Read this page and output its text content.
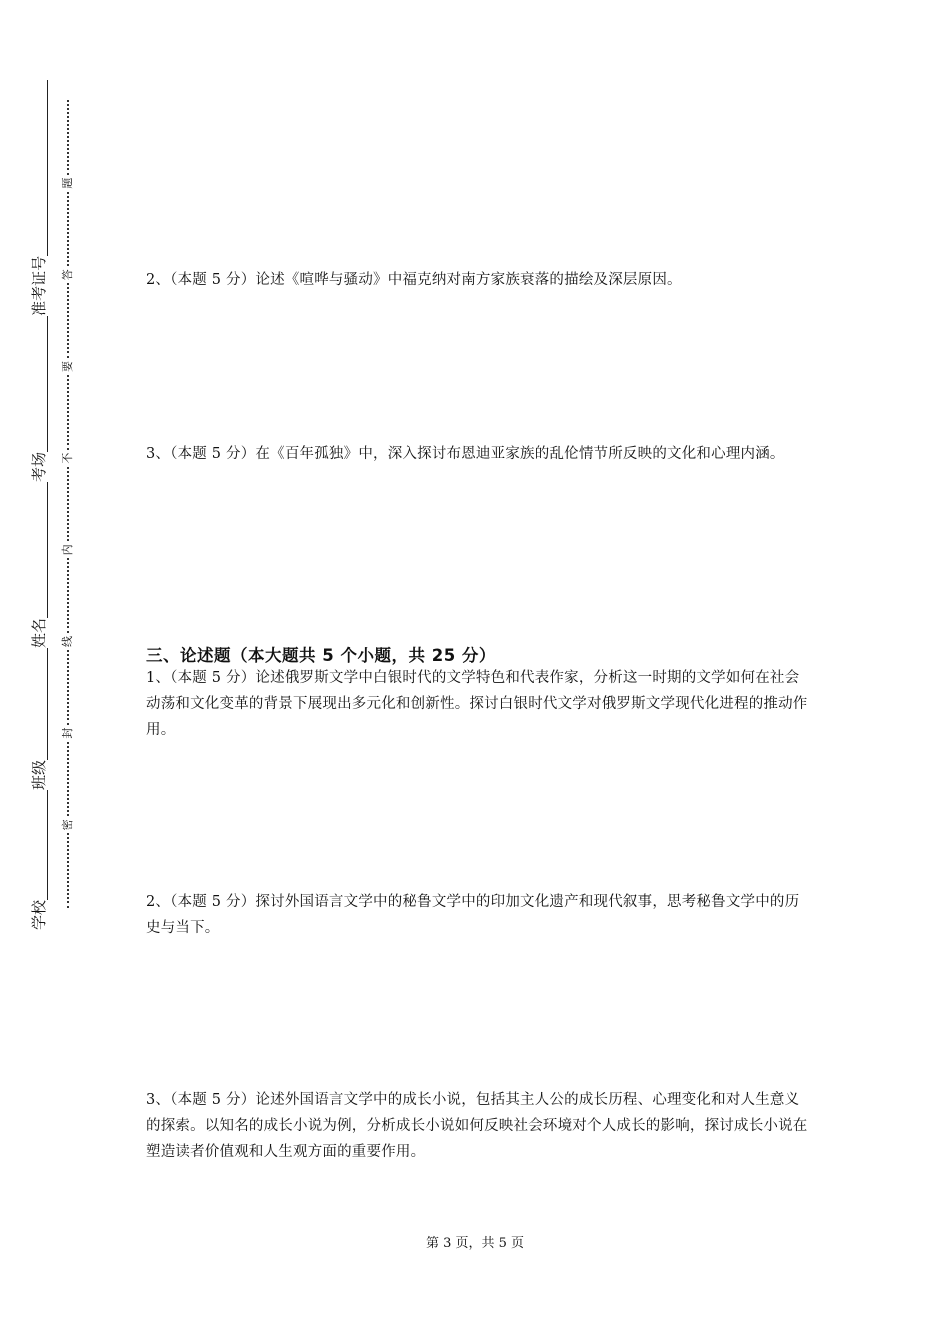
学校
班级
姓名
考场
准考证号
密
封
线
内
不
要
答
题
2、（本题 5 分）论述《喧哗与骚动》中福克纳对南方家族衰落的描绘及深层原因。
3、（本题 5 分）在《百年孤独》中，深入探讨布恩迪亚家族的乱伦情节所反映的文化和心理内涵。
三、论述题（本大题共 5 个小题，共 25 分）
1、（本题 5 分）论述俄罗斯文学中白银时代的文学特色和代表作家，分析这一时期的文学如何在社会动荡和文化变革的背景下展现出多元化和创新性。探讨白银时代文学对俄罗斯文学现代化进程的推动作用。
2、（本题 5 分）探讨外国语言文学中的秘鲁文学中的印加文化遗产和现代叙事，思考秘鲁文学中的历史与当下。
3、（本题 5 分）论述外国语言文学中的成长小说，包括其主人公的成长历程、心理变化和对人生意义的探索。以知名的成长小说为例，分析成长小说如何反映社会环境对个人成长的影响，探讨成长小说在塑造读者价值观和人生观方面的重要作用。
第 3 页，共 5 页
